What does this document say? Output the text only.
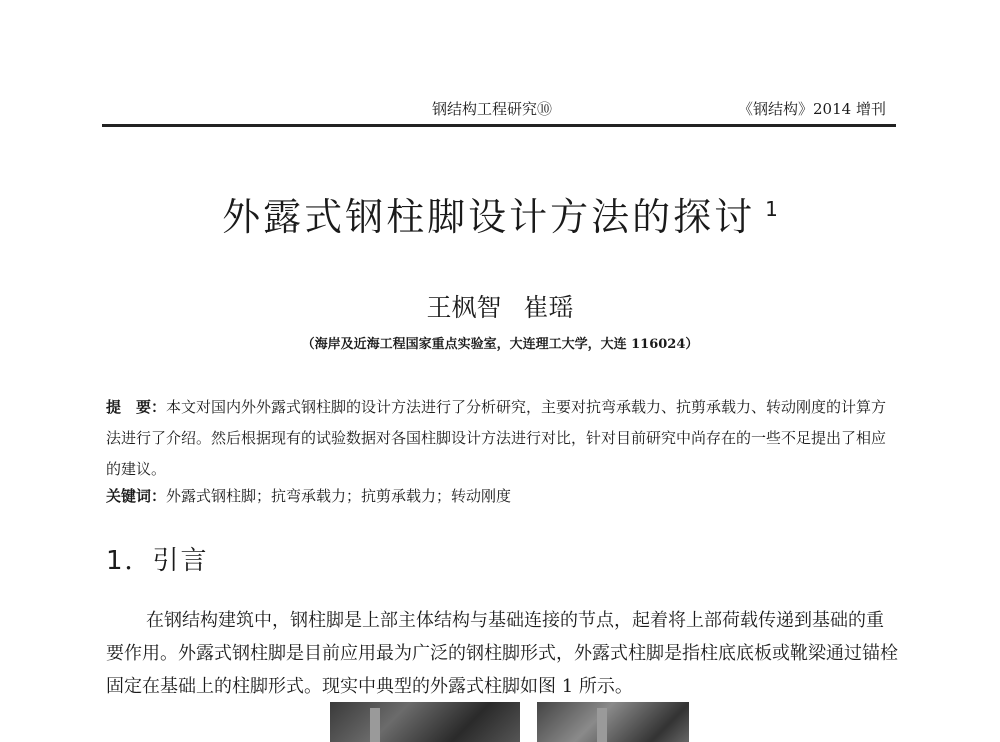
钢结构工程研究⑩	《钢结构》2014 增刊
外露式钢柱脚设计方法的探讨 $^1$
王枫智 崔瑶
（海岸及近海工程国家重点实验室，大连理工大学，大连 116024）
提　要：本文对国内外外露式钢柱脚的设计方法进行了分析研究，主要对抗弯承载力、抗剪承载力、转动刚度的计算方法进行了介绍。然后根据现有的试验数据对各国柱脚设计方法进行对比，针对目前研究中尚存在的一些不足提出了相应的建议。
关键词：外露式钢柱脚；抗弯承载力；抗剪承载力；转动刚度
1．引言
在钢结构建筑中，钢柱脚是上部主体结构与基础连接的节点，起着将上部荷载传递到基础的重要作用。外露式钢柱脚是目前应用最为广泛的钢柱脚形式，外露式柱脚是指柱底底板或靴梁通过锚栓固定在基础上的柱脚形式。现实中典型的外露式柱脚如图 1 所示。
